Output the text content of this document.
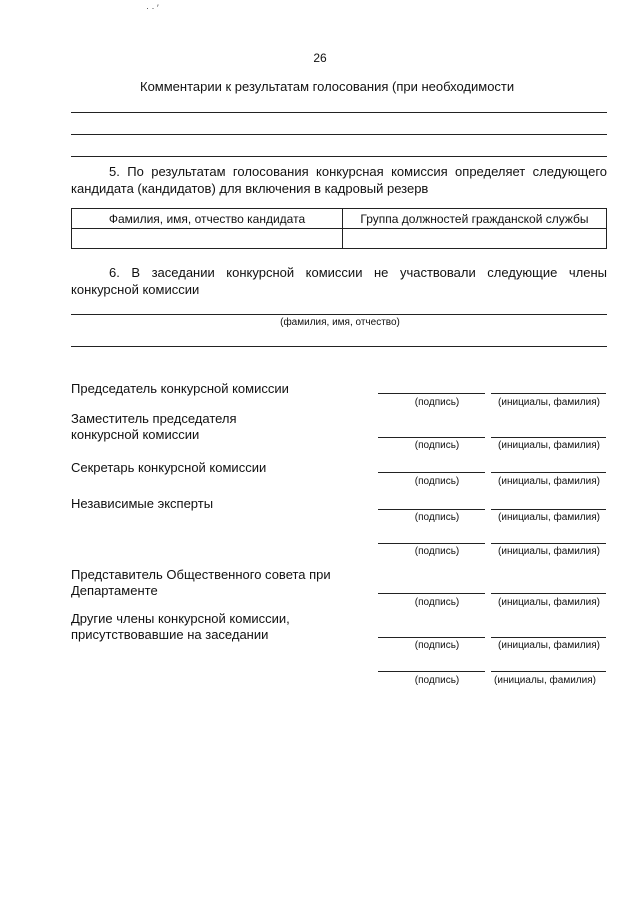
· · ′
26
Комментарии к результатам голосования (при необходимости
5. По результатам голосования конкурсная комиссия определяет следующего кандидата (кандидатов) для включения в кадровый резерв
Фамилия, имя, отчество кандидата	Группа должностей гражданской службы

6. В заседании конкурсной комиссии не участвовали следующие члены конкурсной комиссии
(фамилия, имя, отчество)
Председатель конкурсной комиссии
(подпись)	(инициалы, фамилия)
Заместитель председателя конкурсной комиссии
(подпись)	(инициалы, фамилия)
Секретарь конкурсной комиссии
(подпись)	(инициалы, фамилия)
Независимые эксперты
(подпись)	(инициалы, фамилия)
(подпись)	(инициалы, фамилия)
Представитель Общественного совета при Департаменте
(подпись)	(инициалы, фамилия)
Другие члены конкурсной комиссии, присутствовавшие на заседании
(подпись)	(инициалы, фамилия)
(подпись)	(инициалы, фамилия)
